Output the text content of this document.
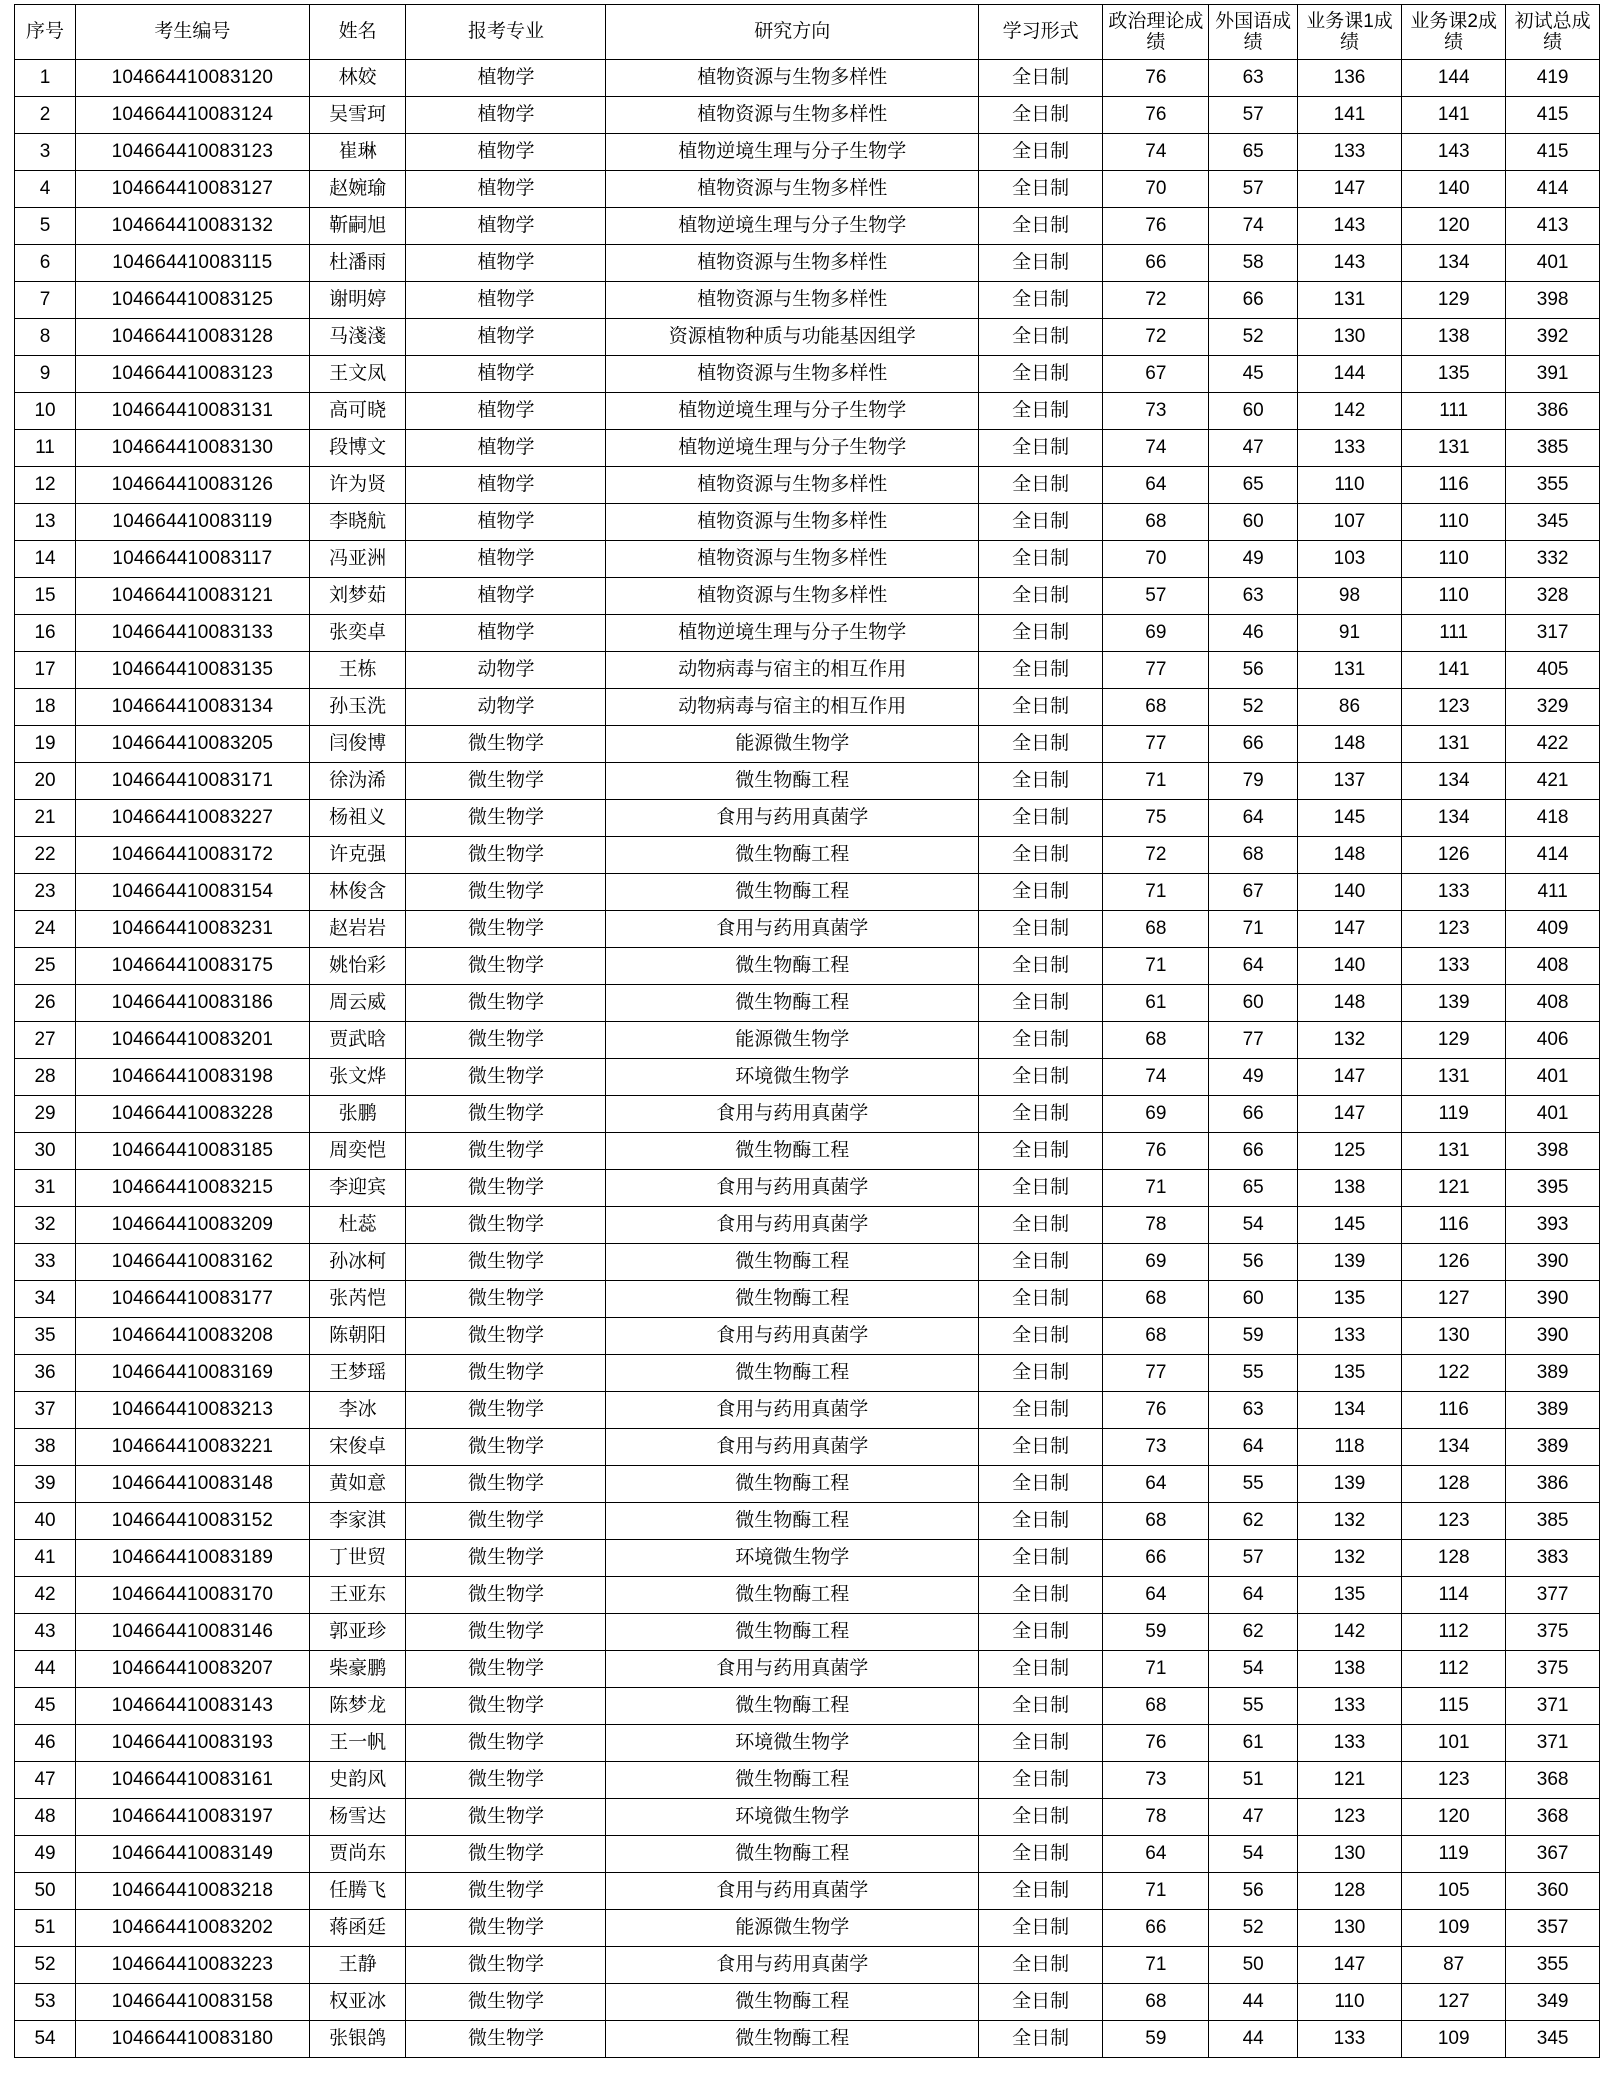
序号	考生编号	姓名	报考专业	研究方向	学习形式	政治理论成绩	外国语成绩	业务课1成绩	业务课2成绩	初试总成绩
1	104664410083120	林姣	植物学	植物资源与生物多样性	全日制	76	63	136	144	419
2	104664410083124	吴雪珂	植物学	植物资源与生物多样性	全日制	76	57	141	141	415
3	104664410083123	崔琳	植物学	植物逆境生理与分子生物学	全日制	74	65	133	143	415
4	104664410083127	赵婉瑜	植物学	植物资源与生物多样性	全日制	70	57	147	140	414
5	104664410083132	靳嗣旭	植物学	植物逆境生理与分子生物学	全日制	76	74	143	120	413
6	104664410083115	杜潘雨	植物学	植物资源与生物多样性	全日制	66	58	143	134	401
7	104664410083125	谢明婷	植物学	植物资源与生物多样性	全日制	72	66	131	129	398
8	104664410083128	马淺淺	植物学	资源植物种质与功能基因组学	全日制	72	52	130	138	392
9	104664410083123	王文凤	植物学	植物资源与生物多样性	全日制	67	45	144	135	391
10	104664410083131	高可晓	植物学	植物逆境生理与分子生物学	全日制	73	60	142	111	386
11	104664410083130	段博文	植物学	植物逆境生理与分子生物学	全日制	74	47	133	131	385
12	104664410083126	许为贤	植物学	植物资源与生物多样性	全日制	64	65	110	116	355
13	104664410083119	李晓航	植物学	植物资源与生物多样性	全日制	68	60	107	110	345
14	104664410083117	冯亚洲	植物学	植物资源与生物多样性	全日制	70	49	103	110	332
15	104664410083121	刘梦茹	植物学	植物资源与生物多样性	全日制	57	63	98	110	328
16	104664410083133	张奕卓	植物学	植物逆境生理与分子生物学	全日制	69	46	91	111	317
17	104664410083135	王栋	动物学	动物病毒与宿主的相互作用	全日制	77	56	131	141	405
18	104664410083134	孙玉洗	动物学	动物病毒与宿主的相互作用	全日制	68	52	86	123	329
19	104664410083205	闫俊博	微生物学	能源微生物学	全日制	77	66	148	131	422
20	104664410083171	徐沩浠	微生物学	微生物酶工程	全日制	71	79	137	134	421
21	104664410083227	杨祖义	微生物学	食用与药用真菌学	全日制	75	64	145	134	418
22	104664410083172	许克强	微生物学	微生物酶工程	全日制	72	68	148	126	414
23	104664410083154	林俊含	微生物学	微生物酶工程	全日制	71	67	140	133	411
24	104664410083231	赵岩岩	微生物学	食用与药用真菌学	全日制	68	71	147	123	409
25	104664410083175	姚怡彩	微生物学	微生物酶工程	全日制	71	64	140	133	408
26	104664410083186	周云威	微生物学	微生物酶工程	全日制	61	60	148	139	408
27	104664410083201	贾武晗	微生物学	能源微生物学	全日制	68	77	132	129	406
28	104664410083198	张文烨	微生物学	环境微生物学	全日制	74	49	147	131	401
29	104664410083228	张鹏	微生物学	食用与药用真菌学	全日制	69	66	147	119	401
30	104664410083185	周奕恺	微生物学	微生物酶工程	全日制	76	66	125	131	398
31	104664410083215	李迎宾	微生物学	食用与药用真菌学	全日制	71	65	138	121	395
32	104664410083209	杜蕊	微生物学	食用与药用真菌学	全日制	78	54	145	116	393
33	104664410083162	孙冰柯	微生物学	微生物酶工程	全日制	69	56	139	126	390
34	104664410083177	张芮恺	微生物学	微生物酶工程	全日制	68	60	135	127	390
35	104664410083208	陈朝阳	微生物学	食用与药用真菌学	全日制	68	59	133	130	390
36	104664410083169	王梦瑶	微生物学	微生物酶工程	全日制	77	55	135	122	389
37	104664410083213	李冰	微生物学	食用与药用真菌学	全日制	76	63	134	116	389
38	104664410083221	宋俊卓	微生物学	食用与药用真菌学	全日制	73	64	118	134	389
39	104664410083148	黄如意	微生物学	微生物酶工程	全日制	64	55	139	128	386
40	104664410083152	李家淇	微生物学	微生物酶工程	全日制	68	62	132	123	385
41	104664410083189	丁世贸	微生物学	环境微生物学	全日制	66	57	132	128	383
42	104664410083170	王亚东	微生物学	微生物酶工程	全日制	64	64	135	114	377
43	104664410083146	郭亚珍	微生物学	微生物酶工程	全日制	59	62	142	112	375
44	104664410083207	柴豪鹏	微生物学	食用与药用真菌学	全日制	71	54	138	112	375
45	104664410083143	陈梦龙	微生物学	微生物酶工程	全日制	68	55	133	115	371
46	104664410083193	王一帆	微生物学	环境微生物学	全日制	76	61	133	101	371
47	104664410083161	史韵风	微生物学	微生物酶工程	全日制	73	51	121	123	368
48	104664410083197	杨雪达	微生物学	环境微生物学	全日制	78	47	123	120	368
49	104664410083149	贾尚东	微生物学	微生物酶工程	全日制	64	54	130	119	367
50	104664410083218	任腾飞	微生物学	食用与药用真菌学	全日制	71	56	128	105	360
51	104664410083202	蒋函廷	微生物学	能源微生物学	全日制	66	52	130	109	357
52	104664410083223	王静	微生物学	食用与药用真菌学	全日制	71	50	147	87	355
53	104664410083158	权亚冰	微生物学	微生物酶工程	全日制	68	44	110	127	349
54	104664410083180	张银鸽	微生物学	微生物酶工程	全日制	59	44	133	109	345
